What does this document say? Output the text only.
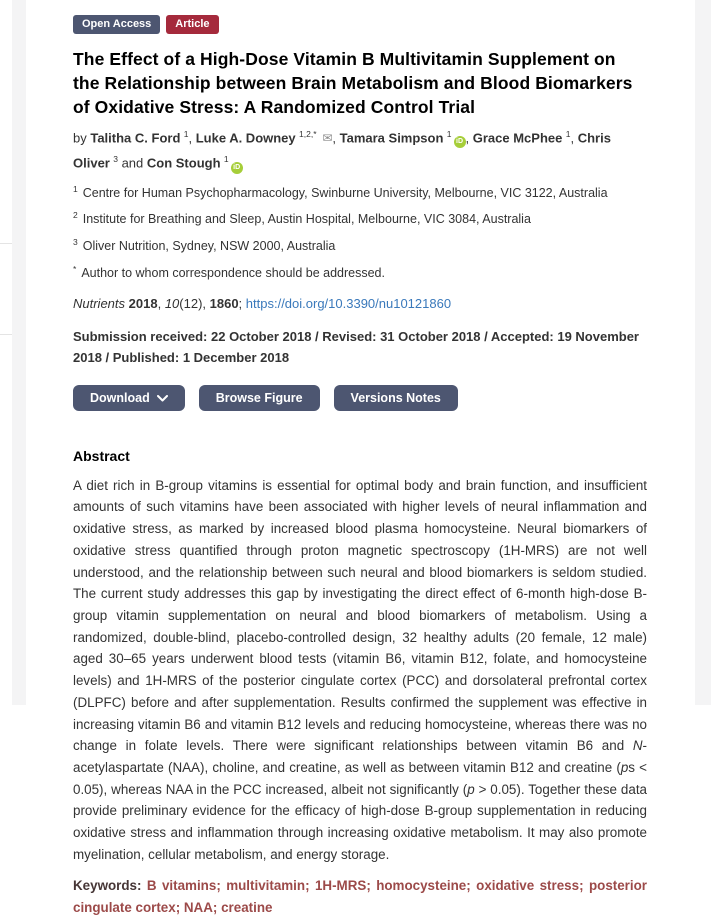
Open Access Article
The Effect of a High-Dose Vitamin B Multivitamin Supplement on the Relationship between Brain Metabolism and Blood Biomarkers of Oxidative Stress: A Randomized Control Trial

by Talitha C. Ford $^1$, Luke A. Downey $^{1,2,*}$ ✉, Tamara Simpson $^1$iD , Grace McPhee $^1$, Chris Oliver $^3$ and Con Stough $^1$iD

$^1$ Centre for Human Psychopharmacology, Swinburne University, Melbourne, VIC 3122, Australia
$^2$ Institute for Breathing and Sleep, Austin Hospital, Melbourne, VIC 3084, Australia
$^3$ Oliver Nutrition, Sydney, NSW 2000, Australia
* Author to whom correspondence should be addressed.

Nutrients 2018, 10(12), 1860; https://doi.org/10.3390/nu10121860

Submission received: 22 October 2018 / Revised: 31 October 2018 / Accepted: 19 November 2018 / Published: 1 December 2018

Download	Browse Figure	Versions Notes
Abstract

A diet rich in B-group vitamins is essential for optimal body and brain function, and insufficient amounts of such vitamins have been associated with higher levels of neural inflammation and oxidative stress, as marked by increased blood plasma homocysteine. Neural biomarkers of oxidative stress quantified through proton magnetic spectroscopy (1H-MRS) are not well understood, and the relationship between such neural and blood biomarkers is seldom studied. The current study addresses this gap by investigating the direct effect of 6-month high-dose B-group vitamin supplementation on neural and blood biomarkers of metabolism. Using a randomized, double-blind, placebo-controlled design, 32 healthy adults (20 female, 12 male) aged 30–65 years underwent blood tests (vitamin B6, vitamin B12, folate, and homocysteine levels) and 1H-MRS of the posterior cingulate cortex (PCC) and dorsolateral prefrontal cortex (DLPFC) before and after supplementation. Results confirmed the supplement was effective in increasing vitamin B6 and vitamin B12 levels and reducing homocysteine, whereas there was no change in folate levels. There were significant relationships between vitamin B6 and N-acetylaspartate (NAA), choline, and creatine, as well as between vitamin B12 and creatine (ps < 0.05), whereas NAA in the PCC increased, albeit not significantly (p > 0.05). Together these data provide preliminary evidence for the efficacy of high-dose B-group supplementation in reducing oxidative stress and inflammation through increasing oxidative metabolism. It may also promote myelination, cellular metabolism, and energy storage.

Keywords: B vitamins; multivitamin; 1H-MRS; homocysteine; oxidative stress; posterior cingulate cortex; NAA; creatine
